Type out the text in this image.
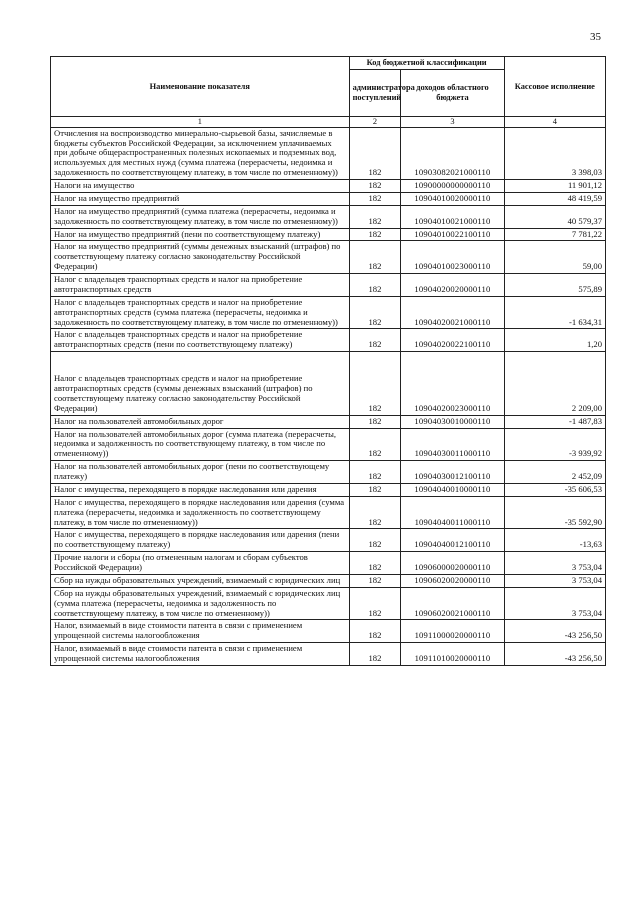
35
Наименование показателя	Код бюджетной классификации		Кассовое исполнение
	администратора поступлений	доходов областного бюджета	
1	2	3	4
Отчисления на воспроизводство минерально-сырьевой базы, зачисляемые в бюджеты субъектов Российской Федерации, за исключением уплачиваемых при добыче общераспространенных полезных ископаемых и подземных вод, используемых для местных нужд (сумма платежа (перерасчеты, недоимка и задолженность по соответствующему платежу, в том числе по отмененному))	182	10903082021000110	3 398,03
Налоги на имущество	182	10900000000000110	11 901,12
Налог на имущество предприятий	182	10904010020000110	48 419,59
Налог на имущество предприятий (сумма платежа (перерасчеты, недоимка и задолженность по соответствующему платежу, в том числе по отмененному))	182	10904010021000110	40 579,37
Налог на имущество предприятий (пени по соответствующему платежу)	182	10904010022100110	7 781,22
Налог на имущество предприятий (суммы денежных взысканий (штрафов) по соответствующему платежу согласно законодательству Российской Федерации)	182	10904010023000110	59,00
Налог с владельцев транспортных средств и налог на приобретение автотранспортных средств	182	10904020020000110	575,89
Налог с владельцев транспортных средств и налог на приобретение автотранспортных средств (сумма платежа (перерасчеты, недоимка и задолженность по соответствующему платежу, в том числе по отмененному))	182	10904020021000110	-1 634,31
Налог с владельцев транспортных средств и налог на приобретение автотранспортных средств (пени по соответствующему платежу)	182	10904020022100110	1,20
Налог с владельцев транспортных средств и налог на приобретение автотранспортных средств (суммы денежных взысканий (штрафов) по соответствующему платежу согласно законодательству Российской Федерации)	182	10904020023000110	2 209,00
Налог на пользователей автомобильных дорог	182	10904030010000110	-1 487,83
Налог на пользователей автомобильных дорог (сумма платежа (перерасчеты, недоимка и задолженность по соответствующему платежу, в том числе по отмененному))	182	10904030011000110	-3 939,92
Налог на пользователей автомобильных дорог (пени по соответствующему платежу)	182	10904030012100110	2 452,09
Налог с имущества, переходящего в порядке наследования или дарения	182	10904040010000110	-35 606,53
Налог с имущества, переходящего в порядке наследования или дарения (сумма платежа (перерасчеты, недоимка и задолженность по соответствующему платежу, в том числе по отмененному))	182	10904040011000110	-35 592,90
Налог с имущества, переходящего в порядке наследования или дарения (пени по соответствующему платежу)	182	10904040012100110	-13,63
Прочие налоги и сборы (по отмененным налогам и сборам субъектов Российской Федерации)	182	10906000020000110	3 753,04
Сбор на нужды образовательных учреждений, взимаемый с юридических лиц	182	10906020020000110	3 753,04
Сбор на нужды образовательных учреждений, взимаемый с юридических лиц (сумма платежа (перерасчеты, недоимка и задолженность по соответствующему платежу, в том числе по отмененному))	182	10906020021000110	3 753,04
Налог, взимаемый в виде стоимости патента в связи с применением упрощенной системы налогообложения	182	10911000020000110	-43 256,50
Налог, взимаемый в виде стоимости патента в связи с применением упрощенной системы налогообложения	182	10911010020000110	-43 256,50
